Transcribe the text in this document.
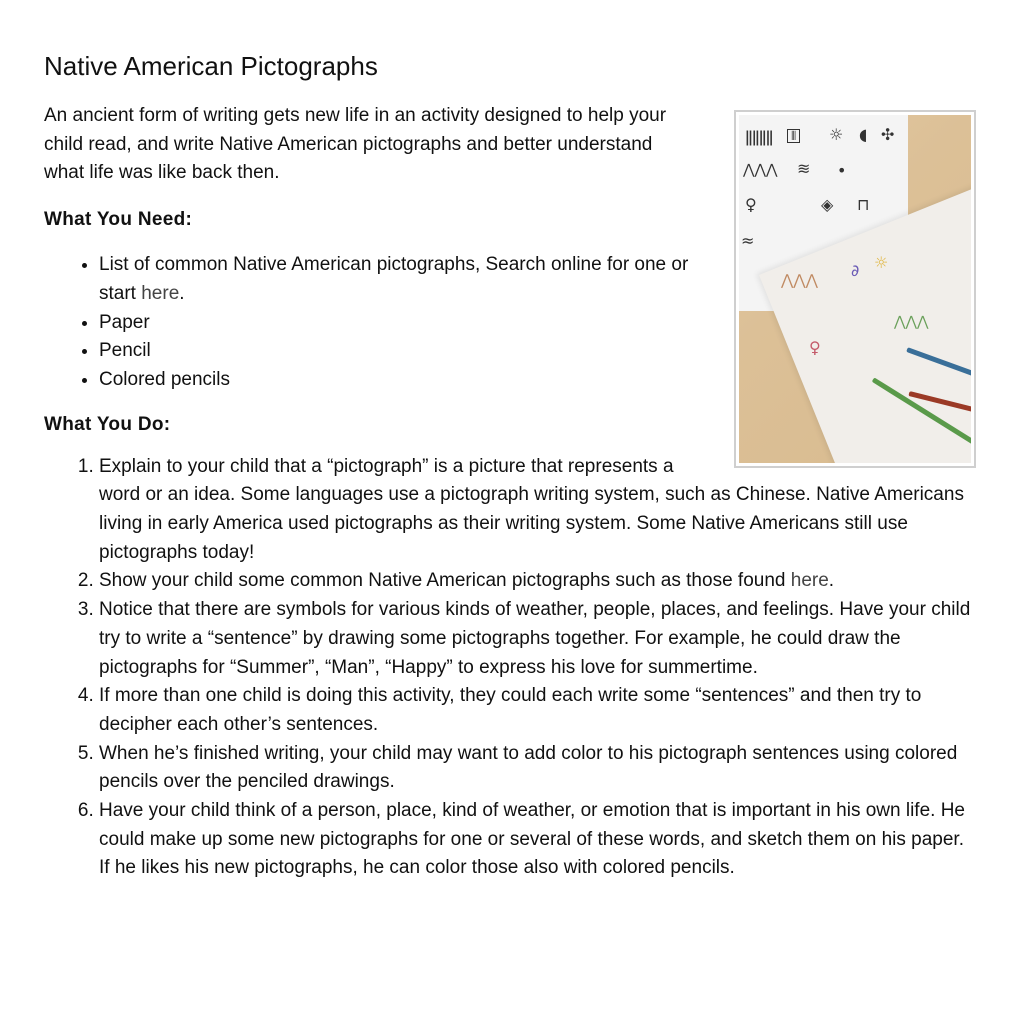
Native American Pictographs
ǁǁǁǁ	⦀ ☼ ◖ ✣
⋀⋀⋀ ≋ •
♀	◈ ⊓
≈
⋀⋀⋀ ∂ ☼
⋀⋀⋀
♀

An ancient form of writing gets new life in an activity designed to help your child read, and write Native American pictographs and better understand what life was like back then.

What You Need:
• List of common Native American pictographs, Search online for one or start here.
• Paper
• Pencil
• Colored pencils
What You Do:
1. Explain to your child that a “pictograph” is a picture that represents a word or an idea. Some languages use a pictograph writing system, such as Chinese. Native Americans living in early America used pictographs as their writing system. Some Native Americans still use pictographs today!
2. Show your child some common Native American pictographs such as those found here.
3. Notice that there are symbols for various kinds of weather, people, places, and feelings. Have your child try to write a “sentence” by drawing some pictographs together. For example, he could draw the pictographs for “Summer”, “Man”, “Happy” to express his love for summertime.
4. If more than one child is doing this activity, they could each write some “sentences” and then try to decipher each other’s sentences.
5. When he’s finished writing, your child may want to add color to his pictograph sentences using colored pencils over the penciled drawings.
6. Have your child think of a person, place, kind of weather, or emotion that is important in his own life. He could make up some new pictographs for one or several of these words, and sketch them on his paper. If he likes his new pictographs, he can color those also with colored pencils.
